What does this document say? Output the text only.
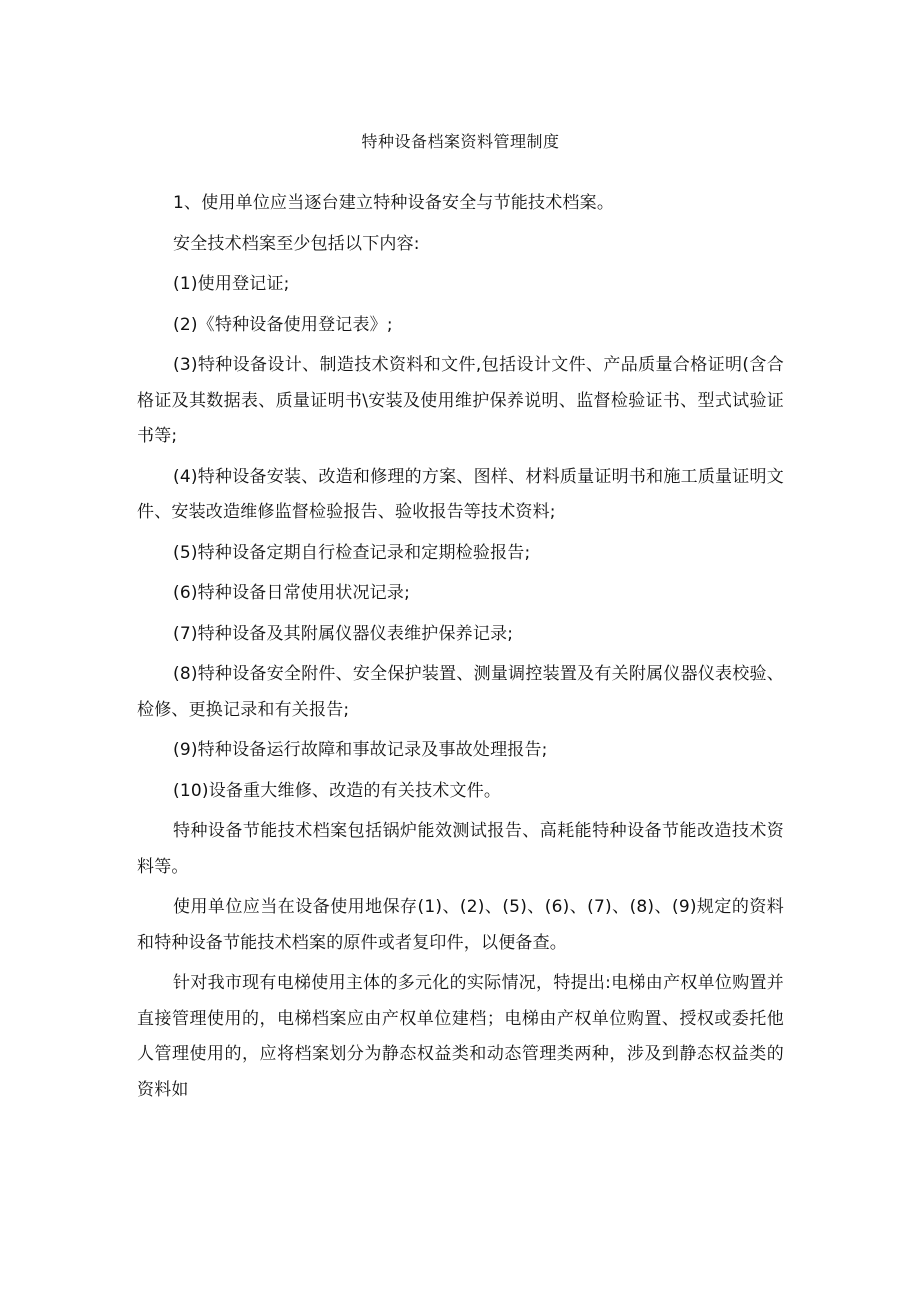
特种设备档案资料管理制度

1、使用单位应当逐台建立特种设备安全与节能技术档案。

安全技术档案至少包括以下内容:

(1)使用登记证;

(2)《特种设备使用登记表》;

(3)特种设备设计、制造技术资料和文件,包括设计文件、产品质量合格证明(含合格证及其数据表、质量证明书\安装及使用维护保养说明、监督检验证书、型式试验证书等;

(4)特种设备安装、改造和修理的方案、图样、材料质量证明书和施工质量证明文件、安装改造维修监督检验报告、验收报告等技术资料;

(5)特种设备定期自行检查记录和定期检验报告;

(6)特种设备日常使用状况记录;

(7)特种设备及其附属仪器仪表维护保养记录;

(8)特种设备安全附件、安全保护装置、测量调控装置及有关附属仪器仪表校验、检修、更换记录和有关报告;

(9)特种设备运行故障和事故记录及事故处理报告;

(10)设备重大维修、改造的有关技术文件。

特种设备节能技术档案包括锅炉能效测试报告、高耗能特种设备节能改造技术资料等。

使用单位应当在设备使用地保存(1)、(2)、(5)、(6)、(7)、(8)、(9)规定的资料和特种设备节能技术档案的原件或者复印件，以便备查。

针对我市现有电梯使用主体的多元化的实际情况，特提出:电梯由产权单位购置并直接管理使用的，电梯档案应由产权单位建档；电梯由产权单位购置、授权或委托他人管理使用的，应将档案划分为静态权益类和动态管理类两种，涉及到静态权益类的资料如
